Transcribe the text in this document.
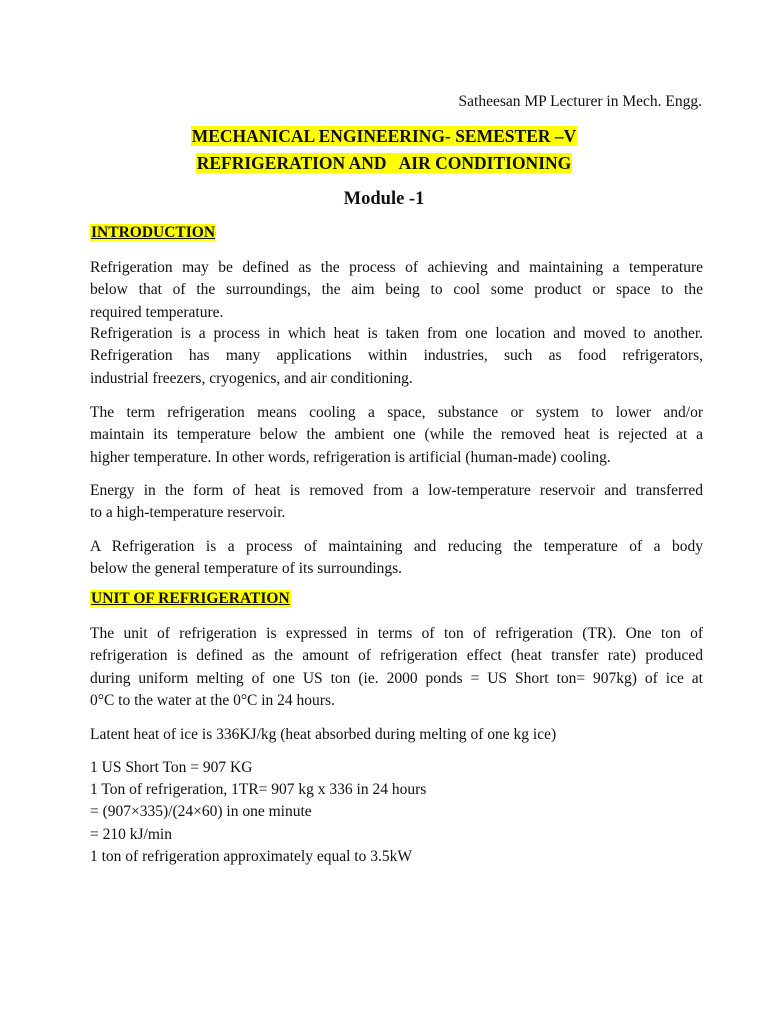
Satheesan MP Lecturer in Mech. Engg.
MECHANICAL ENGINEERING- SEMESTER –V
REFRIGERATION AND   AIR CONDITIONING
Module -1
INTRODUCTION
Refrigeration may be defined as the process of achieving and maintaining a temperature
below that of the surroundings, the aim being to cool some product or space to the
required temperature.
Refrigeration is a process in which heat is taken from one location and moved to another.
Refrigeration has many applications within industries, such as food refrigerators,
industrial freezers, cryogenics, and air conditioning.
The term refrigeration means cooling a space, substance or system to lower and/or
maintain its temperature below the ambient one (while the removed heat is rejected at a
higher temperature. In other words, refrigeration is artificial (human-made) cooling.
Energy in the form of heat is removed from a low-temperature reservoir and transferred
to a high-temperature reservoir.
A Refrigeration is a process of maintaining and reducing the temperature of a body
below the general temperature of its surroundings.
UNIT OF REFRIGERATION
The unit of refrigeration is expressed in terms of ton of refrigeration (TR). One ton of
refrigeration is defined as the amount of refrigeration effect (heat transfer rate) produced
during uniform melting of one US ton (ie. 2000 ponds = US Short ton= 907kg) of ice at
0°C to the water at the 0°C in 24 hours.
Latent heat of ice is 336KJ/kg (heat absorbed during melting of one kg ice)
1 US Short Ton = 907 KG
1 Ton of refrigeration, 1TR= 907 kg x 336 in 24 hours
= (907×335)/(24×60) in one minute
= 210 kJ/min
1 ton of refrigeration approximately equal to 3.5kW
